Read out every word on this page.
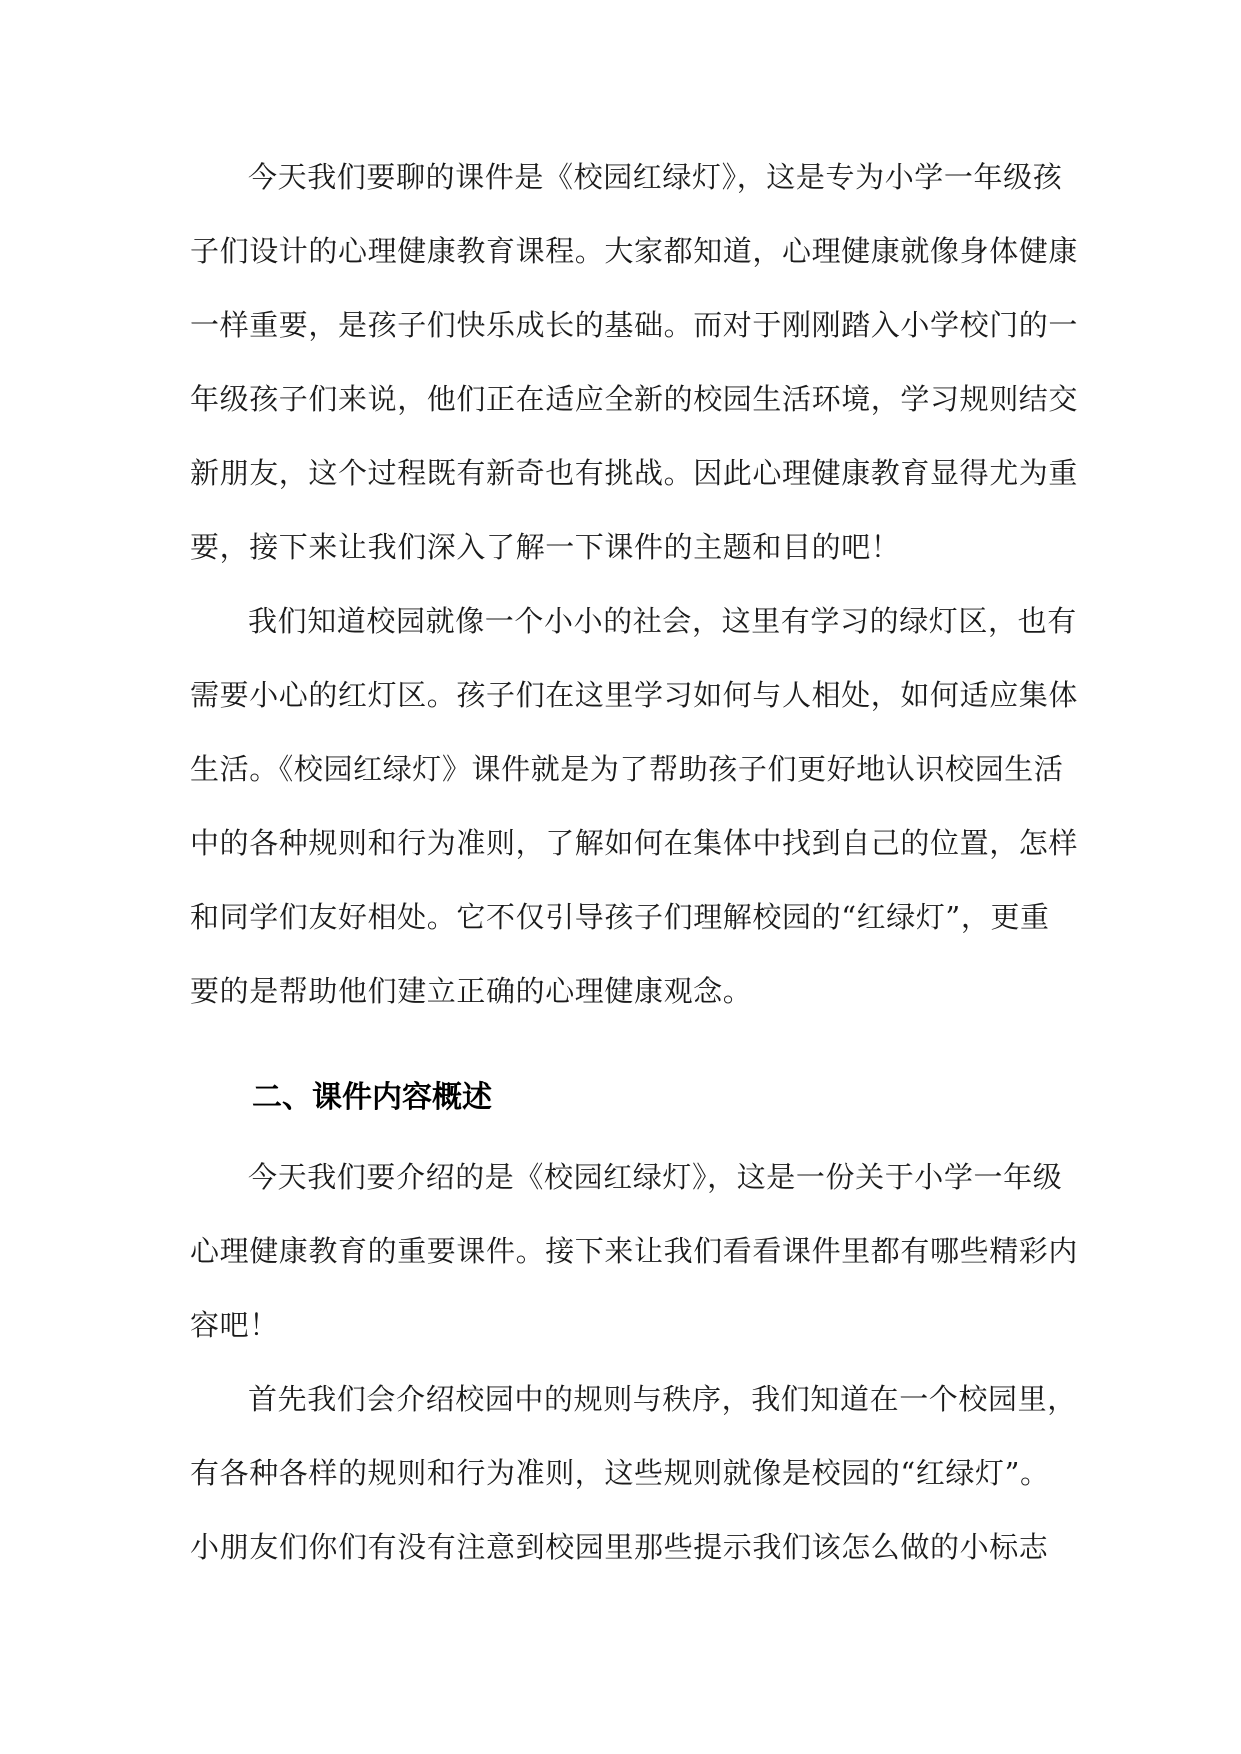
今天我们要聊的课件是《校园红绿灯》，这是专为小学一年级孩
子们设计的心理健康教育课程。大家都知道，心理健康就像身体健康
一样重要，是孩子们快乐成长的基础。而对于刚刚踏入小学校门的一
年级孩子们来说，他们正在适应全新的校园生活环境，学习规则结交
新朋友，这个过程既有新奇也有挑战。因此心理健康教育显得尤为重
要，接下来让我们深入了解一下课件的主题和目的吧！
我们知道校园就像一个小小的社会，这里有学习的绿灯区，也有
需要小心的红灯区。孩子们在这里学习如何与人相处，如何适应集体
生活。《校园红绿灯》课件就是为了帮助孩子们更好地认识校园生活
中的各种规则和行为准则，了解如何在集体中找到自己的位置，怎样
和同学们友好相处。它不仅引导孩子们理解校园的“红绿灯”，更重
要的是帮助他们建立正确的心理健康观念。
二、课件内容概述
今天我们要介绍的是《校园红绿灯》，这是一份关于小学一年级
心理健康教育的重要课件。接下来让我们看看课件里都有哪些精彩内
容吧！
首先我们会介绍校园中的规则与秩序，我们知道在一个校园里，
有各种各样的规则和行为准则，这些规则就像是校园的“红绿灯”。
小朋友们你们有没有注意到校园里那些提示我们该怎么做的小标志
